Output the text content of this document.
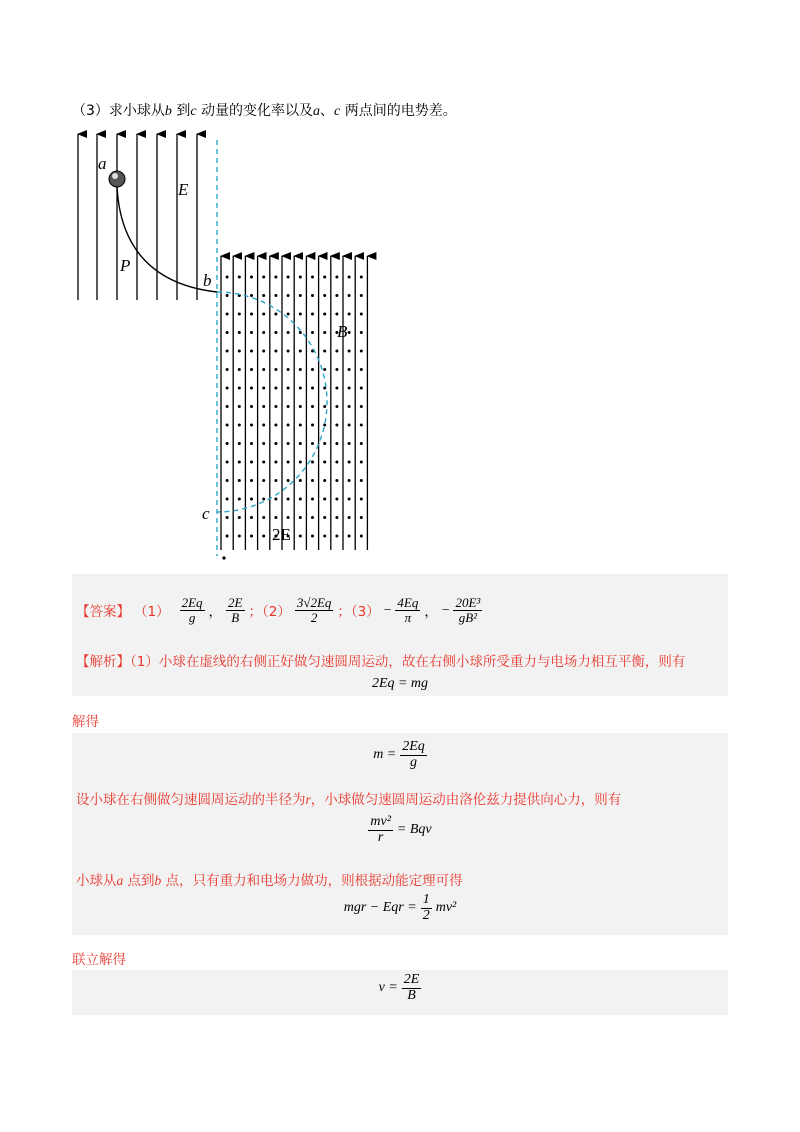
（3）求小球从b 到c 动量的变化率以及a、c 两点间的电势差。
a
E
P
b
B
c
2E
【答案】 $(1) \frac{2Eq}{g}$ ， $\frac{2E}{B}$ ；$(2) \frac{3√2Eq}{2}$ ；$(3) - \frac{4Eq}{\pi}$ ， − $\frac{\text{20E³}}{\text{gB²}}$
【解析】（1）小球在虚线的右侧正好做匀速圆周运动，故在右侧小球所受重力与电场力相互平衡，则有
2Eq = mg
解得
$m = \frac{2Eq}{g}$
设小球在右侧做匀速圆周运动的半径为r，小球做匀速圆周运动由洛伦兹力提供向心力，则有
$\frac{\text{mv²}}{r}$ = Bqv
小球从a 点到b 点，只有重力和电场力做功，则根据动能定理可得
mgr − Eqr = $\frac{1}{2} mv^2$
联立解得
$v = \frac{2E}{B}$
